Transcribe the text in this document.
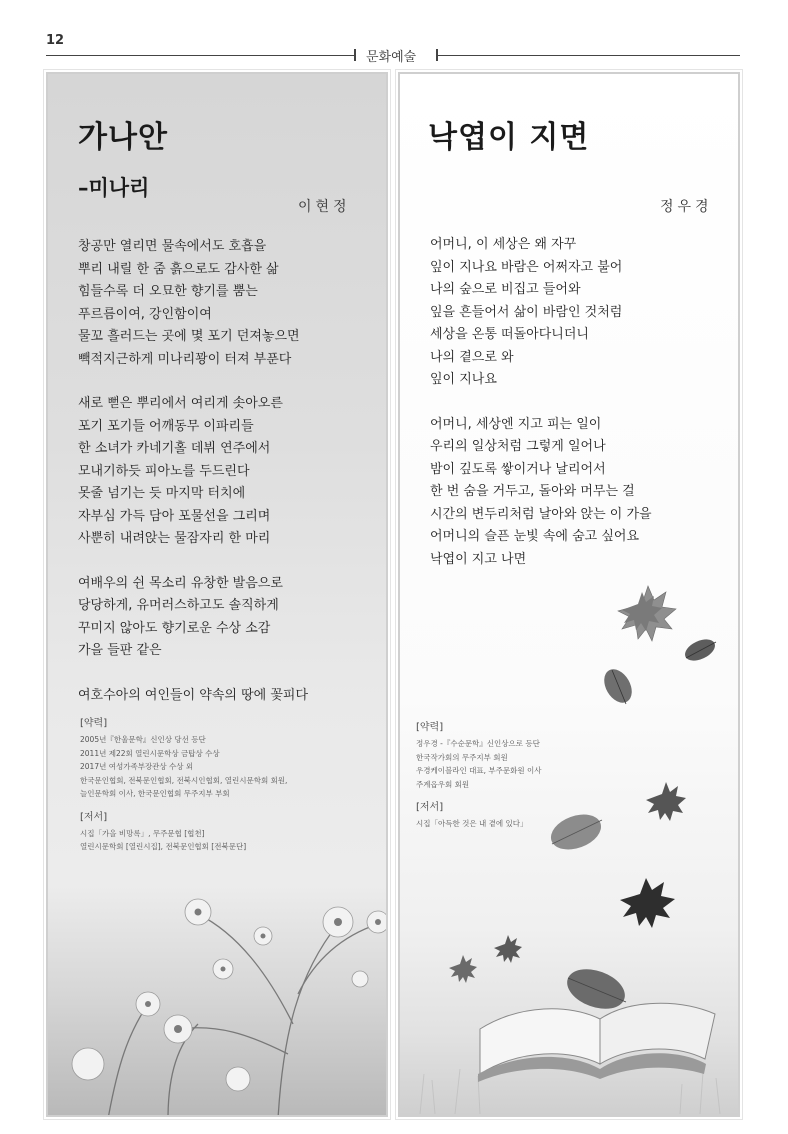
12
문화예술
가나안
–미나리
이현정

창공만 열리면 물속에서도 호흡을

뿌리 내릴 한 줌 흙으로도 감사한 삶

힘들수록 더 오묘한 향기를 뿜는

푸르름이여, 강인함이여

물꼬 흘러드는 곳에 몇 포기 던져놓으면

빽적지근하게 미나리꽝이 터져 부푼다

새로 뻗은 뿌리에서 여리게 솟아오른

포기 포기들 어깨동무 이파리들

한 소녀가 카네기홀 데뷔 연주에서

모내기하듯 피아노를 두드린다

못줄 넘기는 듯 마지막 터치에

자부심 가득 담아 포물선을 그리며

사뿐히 내려앉는 물잠자리 한 마리

여배우의 쉰 목소리 유창한 발음으로

당당하게, 유머러스하고도 솔직하게

꾸미지 않아도 향기로운 수상 소감

가을 들판 같은

여호수아의 여인들이 약속의 땅에 꽃피다

[약력]
2005년『한울문학』신인상 당선 등단
2011년 제22회 열린시문학상 금탑상 수상
2017년 여성가족부장관상 수상 외
한국문인협회, 전북문인협회, 전북시인협회, 열린시문학회 회원,
늘인문학회 이사, 한국문인협회 무주지부 부회
[저서]
시집「가을 비망록」, 무주문협 [협천]
열린시문학회 [열린시집], 전북문인협회 [전북문단]
낙엽이 지면
정우경

어머니, 이 세상은 왜 자꾸

잎이 지나요 바람은 어쩌자고 불어

나의 숲으로 비집고 들어와

잎을 흔들어서 삶이 바람인 것처럼

세상을 온통 떠돌아다니더니

나의 곁으로 와

잎이 지나요

어머니, 세상엔 지고 피는 일이

우리의 일상처럼 그렇게 일어나

밤이 깊도록 쌓이거나 날리어서

한 번 숨을 거두고, 돌아와 머무는 걸

시간의 변두리처럼 날아와 앉는 이 가을

어머니의 슬픈 눈빛 속에 숨고 싶어요

낙엽이 지고 나면

[약력]
정우경 -『수순문학』신인상으로 등단
한국작가회의 무주지부 회원
우경케이블라인 대표, 부주문화원 이사
주계읍우회 회원
[저서]
시집「아득한 것은 내 곁에 있다」
